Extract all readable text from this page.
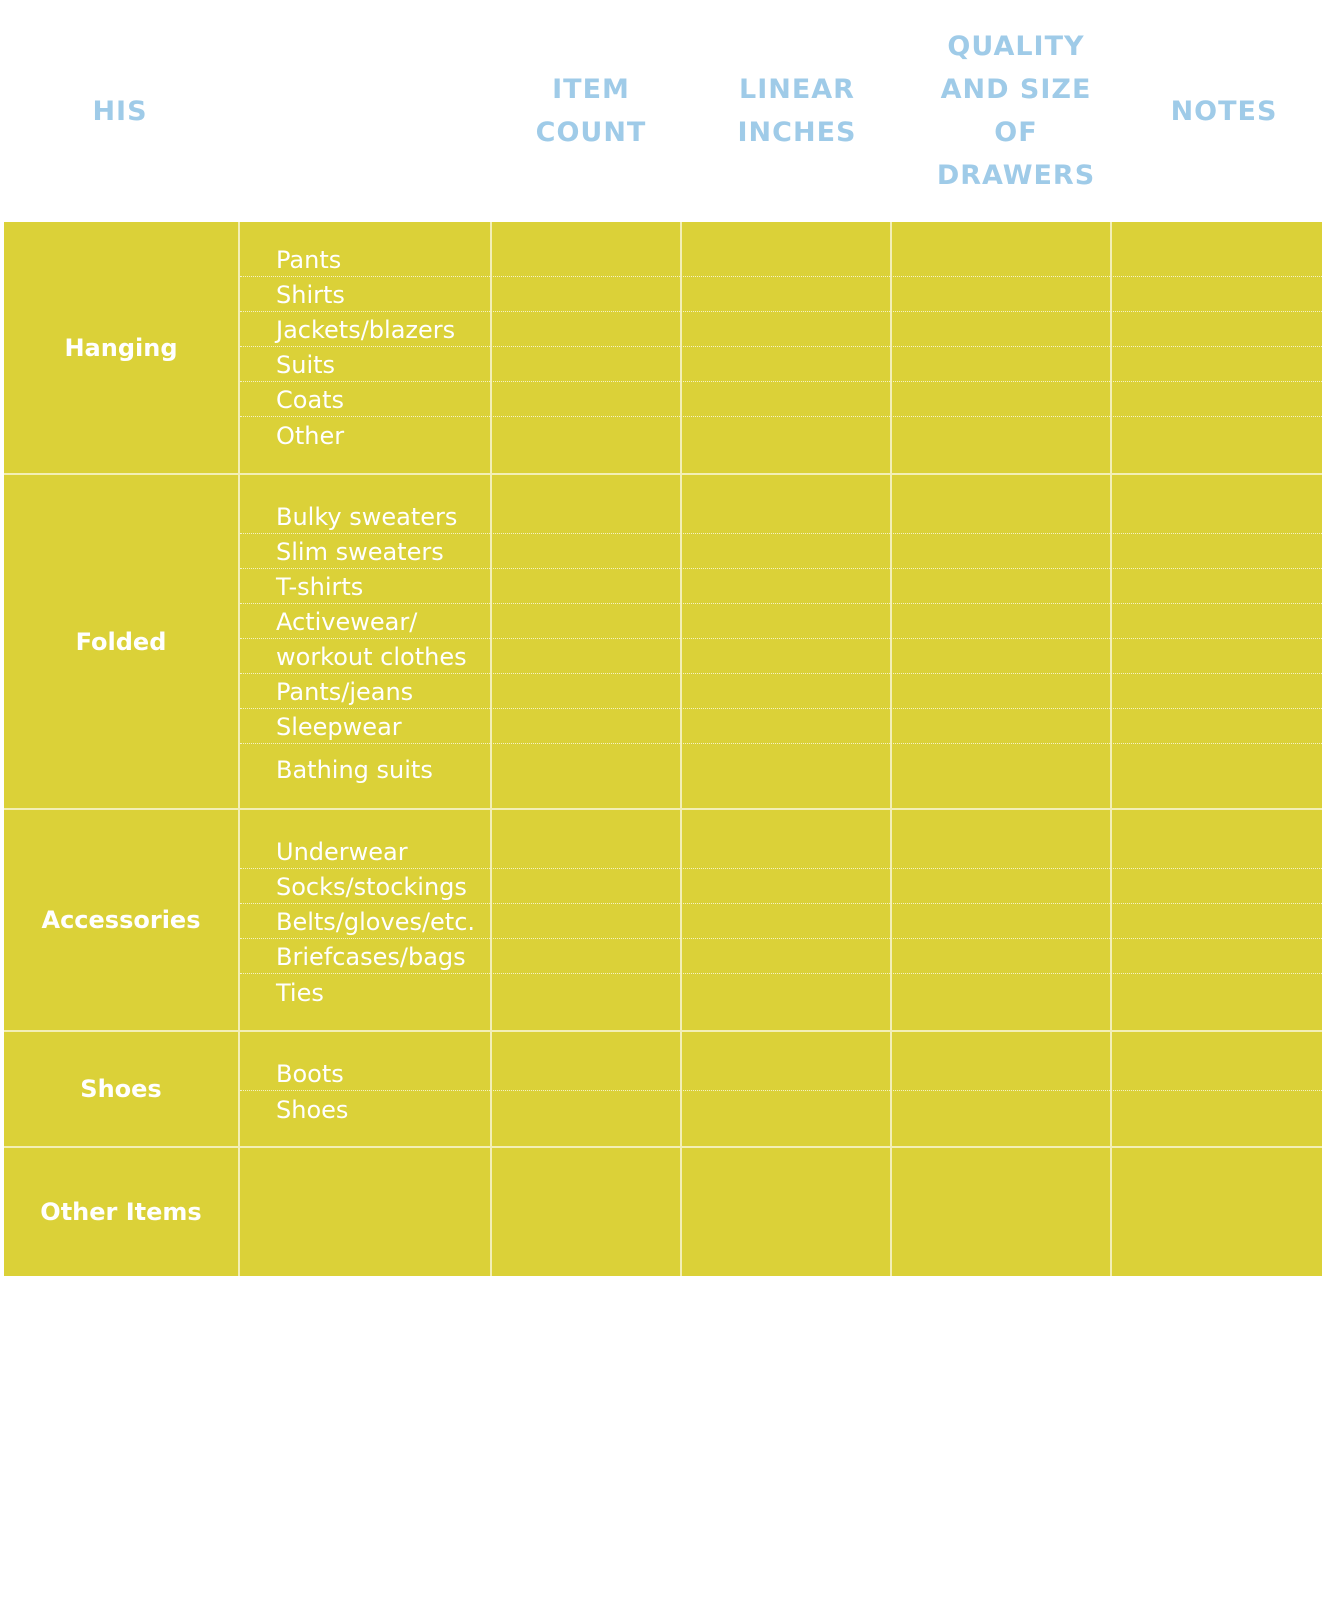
HIS
ITEM
COUNT
LINEAR
INCHES
QUALITY
AND SIZE
OF
DRAWERS
NOTES
Hanging
Pants
Shirts
Jackets/blazers
Suits
Coats
Other
Folded
Bulky sweaters
Slim sweaters
T-shirts
Activewear/
workout clothes
Pants/jeans
Sleepwear
Bathing suits
Accessories
Underwear
Socks/stockings
Belts/gloves/etc.
Briefcases/bags
Ties
Shoes
Boots
Shoes
Other Items
